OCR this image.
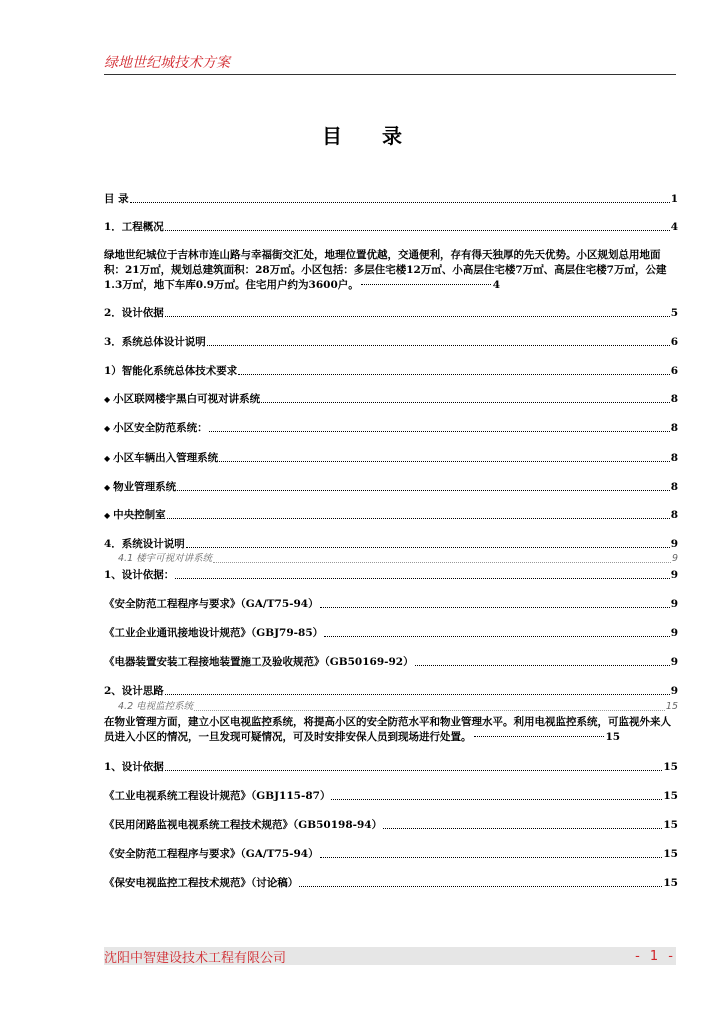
绿地世纪城技术方案
目录
目 录	1
1．工程概况	4
绿地世纪城位于吉林市连山路与幸福街交汇处，地理位置优越，交通便利，存有得天独厚的先天优势。小区规划总用地面积：21万㎡，规划总建筑面积：28万㎡。小区包括：多层住宅楼12万㎡、小高层住宅楼7万㎡、高层住宅楼7万㎡，公建1.3万㎡，地下车库0.9万㎡。住宅用户约为3600户。	4
2．设计依据	5
3．系统总体设计说明	6
1）智能化系统总体技术要求	6
◆ 小区联网楼宇黑白可视对讲系统	8
◆ 小区安全防范系统：	8
◆ 小区车辆出入管理系统	8
◆ 物业管理系统	8
◆ 中央控制室	8
4．系统设计说明	9
4.1 楼宇可视对讲系统	9
1、设计依据：	9
《安全防范工程程序与要求》（GA/T75-94）	9
《工业企业通讯接地设计规范》（GBJ79-85）	9
《电器装置安装工程接地装置施工及验收规范》（GB50169-92）	9
2、设计思路	9
4.2 电视监控系统	15
在物业管理方面，建立小区电视监控系统，将提高小区的安全防范水平和物业管理水平。利用电视监控系统，可监视外来人员进入小区的情况，一旦发现可疑情况，可及时安排安保人员到现场进行处置。	15
1、设计依据	15
《工业电视系统工程设计规范》（GBJ115-87）	15
《民用闭路监视电视系统工程技术规范》（GB50198-94）	15
《安全防范工程程序与要求》（GA/T75-94）	15
《保安电视监控工程技术规范》（讨论稿）	15
沈阳中智建设技术工程有限公司	- 1 -
